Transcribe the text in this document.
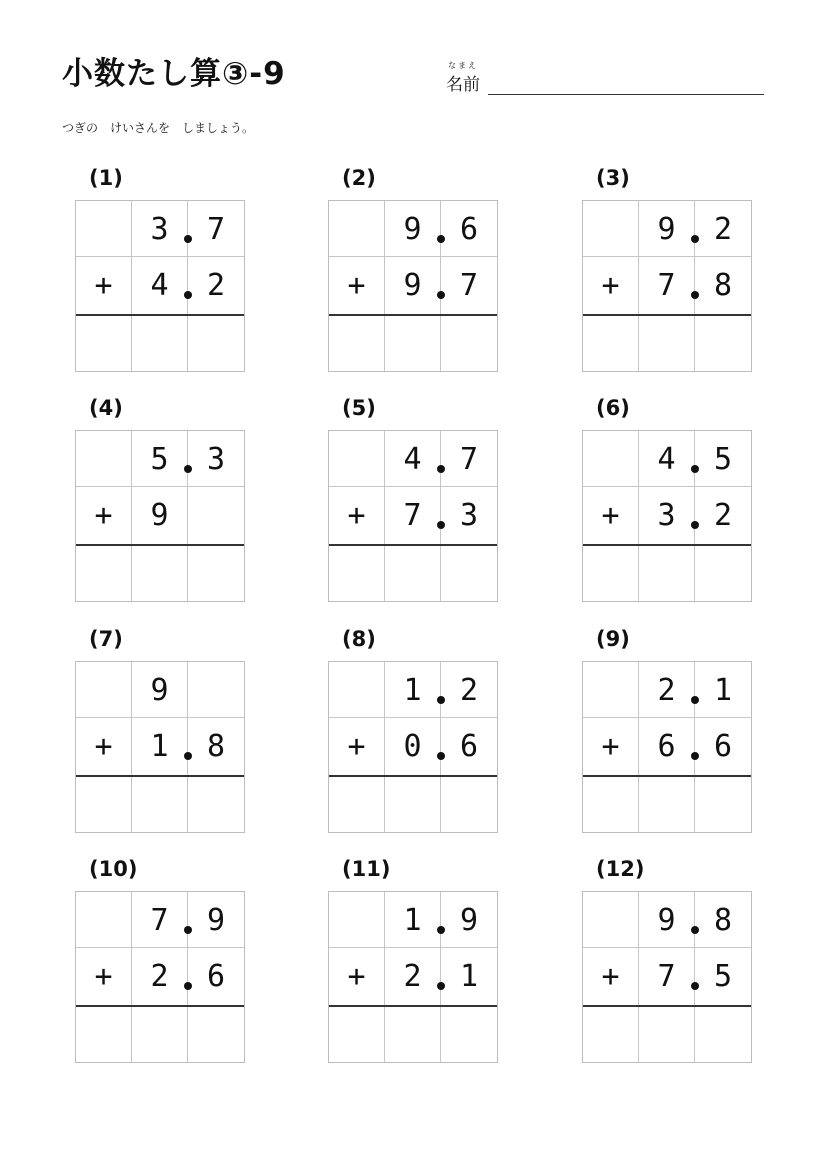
小数たし算③-9	なまえ
名前
つぎの　けいさんを　しましょう。
(1)
3	7
+	4	2
(2)
9	6
+	9	7
(3)
9	2
+	7	8
(4)
5	3
+	9
(5)
4	7
+	7	3
(6)
4	5
+	3	2
(7)
9
+	1	8
(8)
1	2
+	0	6
(9)
2	1
+	6	6
(10)
7	9
+	2	6
(11)
1	9
+	2	1
(12)
9	8
+	7	5
